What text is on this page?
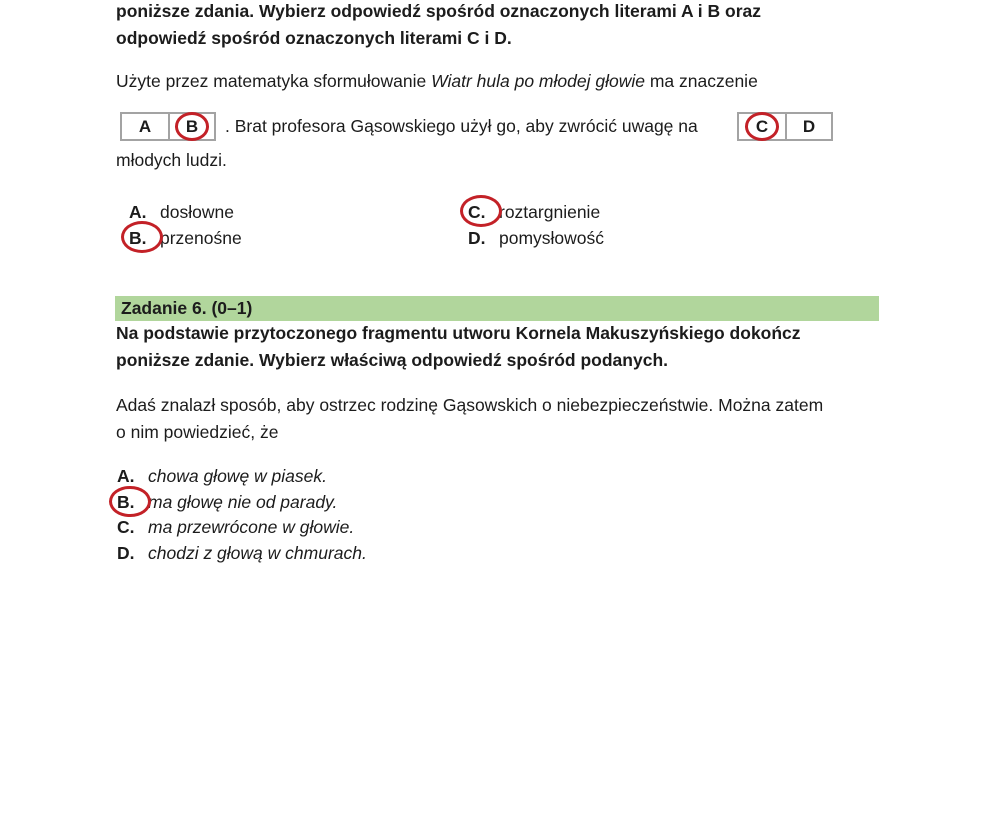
poniższe zdania. Wybierz odpowiedź spośród oznaczonych literami A i B oraz
odpowiedź spośród oznaczonych literami C i D.
Użyte przez matematyka sformułowanie Wiatr hula po młodej głowie ma znaczenie
A B . Brat profesora Gąsowskiego użył go, aby zwrócić uwagę na	C D
młodych ludzi.
A. dosłowne
B. przenośne
C. roztargnienie
D. pomysłowość
Zadanie 6. (0–1)
Na podstawie przytoczonego fragmentu utworu Kornela Makuszyńskiego dokończ
poniższe zdanie. Wybierz właściwą odpowiedź spośród podanych.
Adaś znalazł sposób, aby ostrzec rodzinę Gąsowskich o niebezpieczeństwie. Można zatem
o nim powiedzieć, że
A. chowa głowę w piasek.
B. ma głowę nie od parady.
C. ma przewrócone w głowie.
D. chodzi z głową w chmurach.
